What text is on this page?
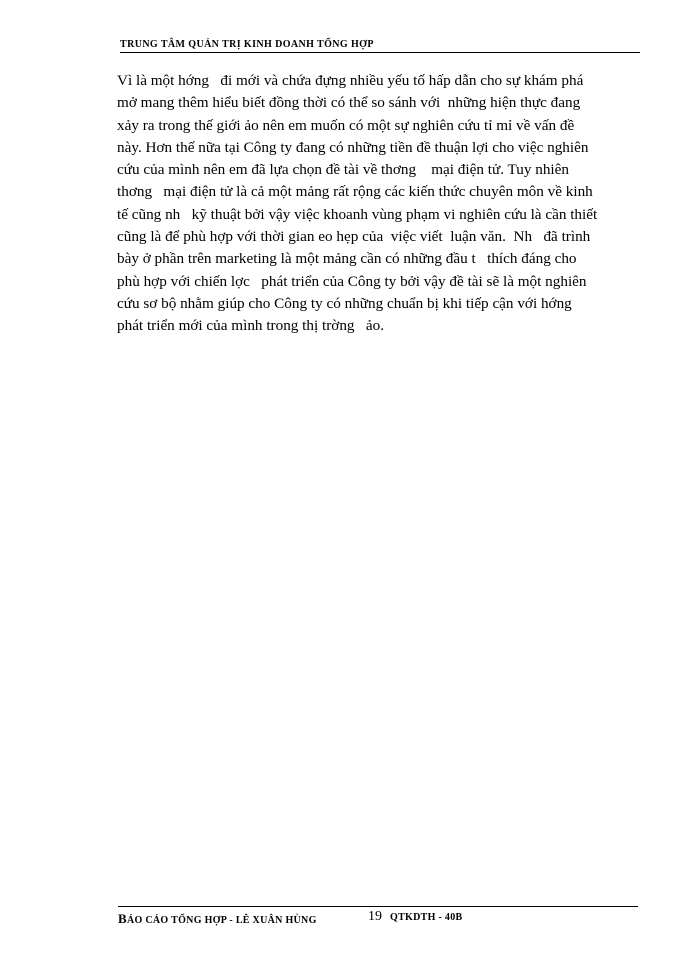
TRUNG TÂM QUẢN TRỊ KINH DOANH TỔNG HỢP
Vì là một hớng   đi mới và chứa đựng nhiều yếu tố hấp dẫn cho sự khám phá
mở mang thêm hiểu biết đồng thời có thể so sánh với  những hiện thực đang
xảy ra trong thế giới ảo nên em muốn có một sự nghiên cứu tỉ mỉ về vấn đề
này. Hơn thế nữa tại Công ty đang có những tiền đề thuận lợi cho việc nghiên
cứu của mình nên em đã lựa chọn đề tài về thơng    mại điện tử. Tuy nhiên
thơng   mại điện tử là cả một mảng rất rộng các kiến thức chuyên môn về kinh
tế cũng nh   kỹ thuật bởi vậy việc khoanh vùng phạm vi nghiên cứu là cần thiết
cũng là để phù hợp với thời gian eo hẹp của  việc viết  luận văn.  Nh   đã trình
bày ở phần trên marketing là một mảng cần có những đầu t   thích đáng cho
phù hợp với chiến lợc   phát triển của Công ty bởi vậy đề tài sẽ là một nghiên
cứu sơ bộ nhằm giúp cho Công ty có những chuẩn bị khi tiếp cận với hớng
phát triển mới của mình trong thị trờng   ảo.
BÁO CÁO TỔNG HỢP - LÊ XUÂN HÙNG	19 QTKDTH - 40B
